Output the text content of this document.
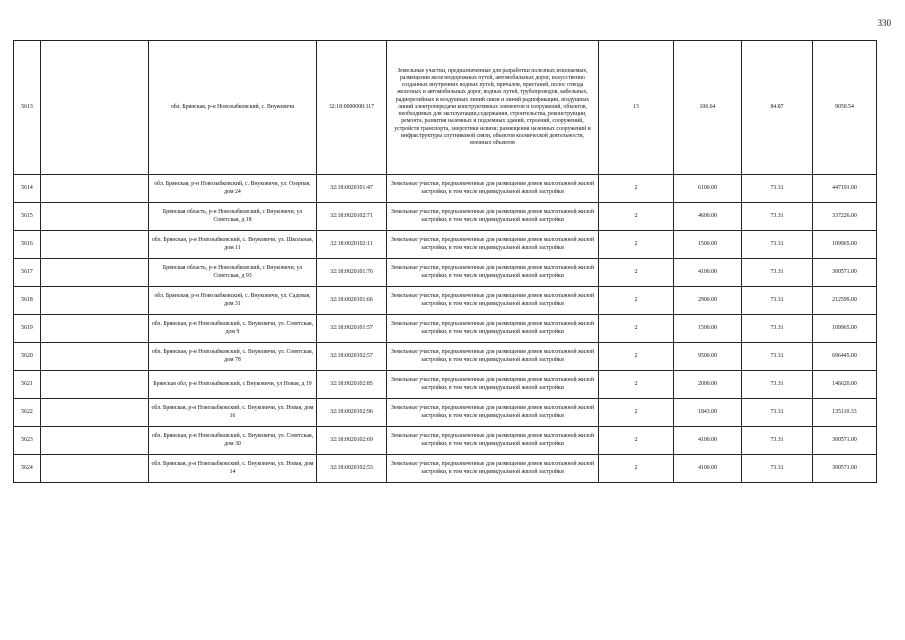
330
5613		обл. Брянская, р-н Новозыбковский, с. Внуковичи	32:18:0000000:117	Земельные участки, предназначенные для разработки полезных ископаемых, размещения железнодорожных путей, автомобильных дорог, искусственно созданных внутренних водных путей, причалов, пристаней, полос отвода железных и автомобильных дорог, водных путей, трубопроводов, кабельных, радиорелейных и воздушных линий связи и линий радиофикации, воздушных линий электропередачи конструктивных элементов и сооружений, объектов, необходимых для эксплуатации,содержания, строительства, реконструкции, ремонта, развития наземных и подземных зданий, строений, сооружений, устройств транспорта, энергетики исвязи; размещения наземных сооружений и инфраструктуры спутниковой связи, объектов космической деятельности, военных объектов	13	106.64	84.87	9050.54
5614		обл. Брянская, р-н Новозыбковский, с. Внуковичи, ул. Озерная, дом 24	32:18:0020101:47	Земельные участки, предназначенные для размещения домов малоэтажной жилой застройки, в том числе индивидуальной жилой застройки	2	6100.00	73.31	447191.00
5615		Брянская область, р-н Новозыбковский, с Внуковичи, ул Советская, д 18	32:18:0020102:71	Земельные участки, предназначенные для размещения домов малоэтажной жилой застройки, в том числе индивидуальной жилой застройки	2	4600.00	73.31	337226.00
5616		обл. Брянская, р-н Новозыбковский, с. Внуковичи, ул. Школьная, дом 11	32:18:0020102:11	Земельные участки, предназначенные для размещения домов малоэтажной жилой застройки, в том числе индивидуальной жилой застройки	2	1500.00	73.31	109965.00
5617		Брянская область, р-н Новозыбковский, с Внуковичи, ул Советская, д 93	32:18:0020101:76	Земельные участки, предназначенные для размещения домов малоэтажной жилой застройки, в том числе индивидуальной жилой застройки	2	4100.00	73.31	300571.00
5618		обл. Брянская, р-н Новозыбковский, с. Внуковичи, ул. Садовая, дом 31	32:18:0020101:66	Земельные участки, предназначенные для размещения домов малоэтажной жилой застройки, в том числе индивидуальной жилой застройки	2	2900.00	73.31	212599.00
5619		обл. Брянская, р-н Новозыбковский, с. Внуковичи, ул. Советская, дом 9	32:18:0020101:57	Земельные участки, предназначенные для размещения домов малоэтажной жилой застройки, в том числе индивидуальной жилой застройки	2	1500.00	73.31	109965.00
5620		обл. Брянская, р-н Новозыбковский, с. Внуковичи, ул. Советская, дом 78	32:18:0020102:57	Земельные участки, предназначенные для размещения домов малоэтажной жилой застройки, в том числе индивидуальной жилой застройки	2	9500.00	73.31	696445.00
5621		Брянская обл, р-н Новозыбковский, с Внуковичи, ул Новая, д 19	32:18:0020102:85	Земельные участки, предназначенные для размещения домов малоэтажной жилой застройки, в том числе индивидуальной жилой застройки	2	2000.00	73.31	146620.00
5622		обл. Брянская, р-н Новозыбковский, с. Внуковичи, ул. Новая, дом 16	32:18:0020102:96	Земельные участки, предназначенные для размещения домов малоэтажной жилой застройки, в том числе индивидуальной жилой застройки	2	1843.00	73.31	135110.33
5623		обл. Брянская, р-н Новозыбковский, с. Внуковичи, ул. Советская, дом 30	32:18:0020102:69	Земельные участки, предназначенные для размещения домов малоэтажной жилой застройки, в том числе индивидуальной жилой застройки	2	4100.00	73.31	300571.00
5624		обл. Брянская, р-н Новозыбковский, с. Внуковичи, ул. Новая, дом 14	32:18:0020102:53	Земельные участки, предназначенные для размещения домов малоэтажной жилой застройки, в том числе индивидуальной жилой застройки	2	4100.00	73.31	300571.00
